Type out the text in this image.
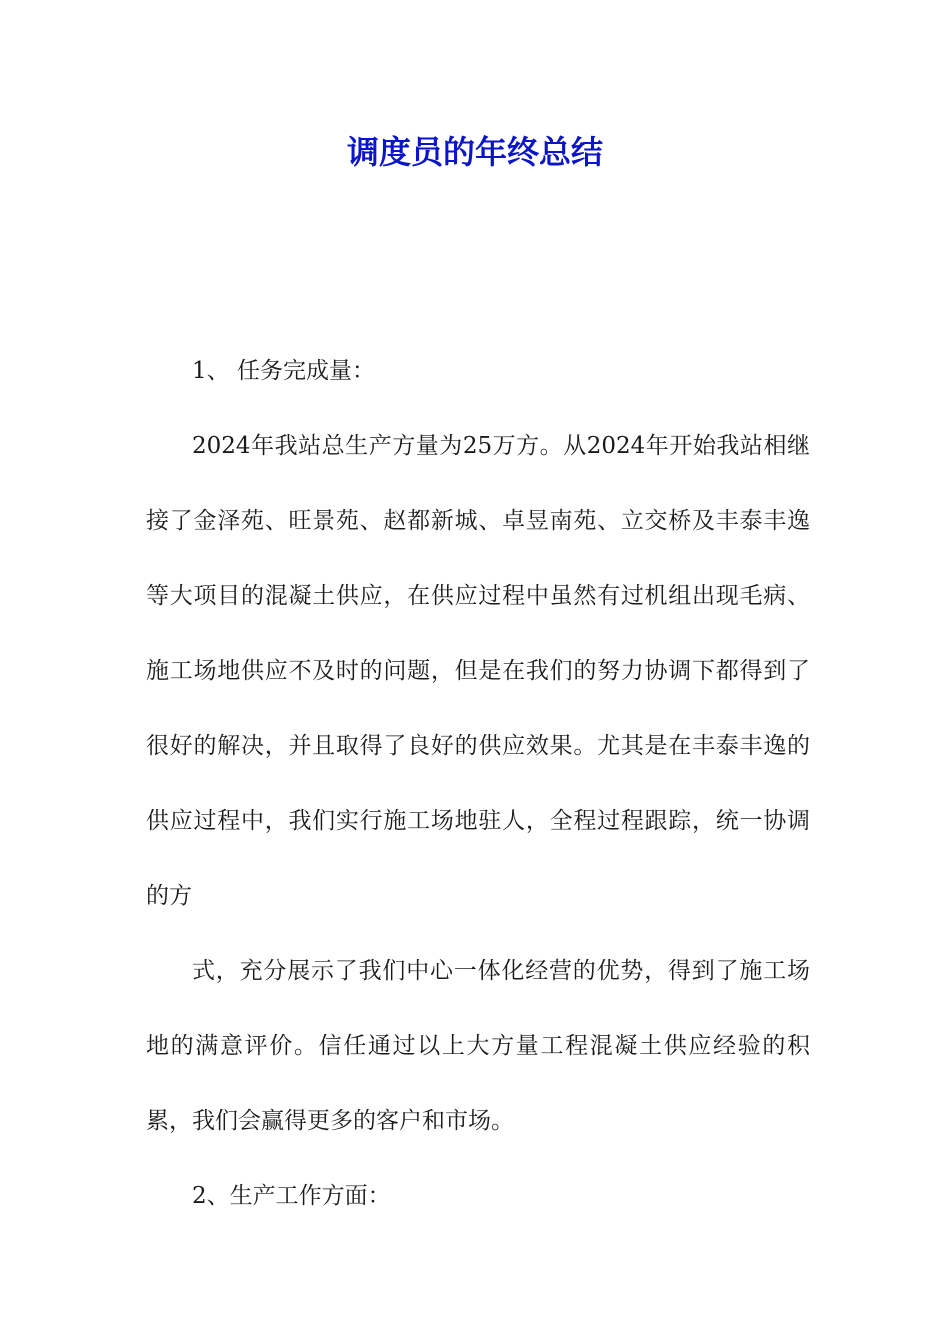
调度员的年终总结

1、 任务完成量：

2024年我站总生产方量为25万方。从2024年开始我站相继接了金泽苑、旺景苑、赵都新城、卓昱南苑、立交桥及丰泰丰逸等大项目的混凝土供应，在供应过程中虽然有过机组出现毛病、施工场地供应不及时的问题，但是在我们的努力协调下都得到了很好的解决，并且取得了良好的供应效果。尤其是在丰泰丰逸的供应过程中，我们实行施工场地驻人，全程过程跟踪，统一协调的方

式，充分展示了我们中心一体化经营的优势，得到了施工场地的满意评价。信任通过以上大方量工程混凝土供应经验的积累，我们会赢得更多的客户和市场。

2、生产工作方面：
